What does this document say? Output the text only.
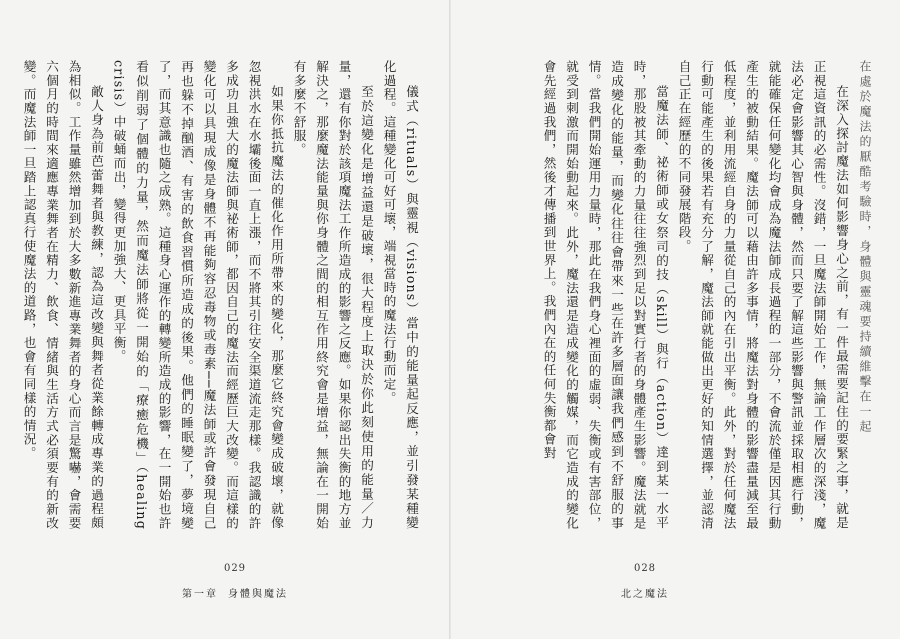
儀式（rituals）與靈視（visions）當中的能量起反應，並引發某種變化過程。這種變化可好可壞，端視當時的魔法行動而定。

至於這變化是增益還是破壞，很大程度上取決於你此刻使用的能量／力量，還有你對於該項魔法工作所造成的影響之反應。如果你認出失衡的地方並解決之，那麼魔法能量與你身體之間的相互作用終究會是增益，無論在一開始有多麼不舒服。

如果你抵抗魔法的催化作用所帶來的變化，那麼它終究會變成破壞，就像忽視洪水在水壩後面一直上漲，而不將其引往安全渠道流走那樣。我認識的許多成功且強大的魔法師與祕術師，都因自己的魔法而經歷巨大改變。而這樣的變化可以具現成像是身體不再能夠容忍毒物或毒素──魔法師或許會發現自己再也躲不掉酗酒、有害的飲食習慣所造成的後果。他們的睡眠變了，夢境變了，而其意識也隨之成熟。這種身心運作的轉變所造成的影響，在一開始也許看似削弱了個體的力量，然而魔法師將從一開始的「療癒危機」（healing crisis）中破蛹而出，變得更加強大、更具平衡。

敵人身為前芭蕾舞者與教練，認為這改變與舞者從業餘轉成專業的過程頗為相似。工作量雖然增加到於大多數新進專業舞者的身心而言是驚嚇，會需要六個月的時間來適應專業舞者在精力、飲食、情緒與生活方式必須要有的新改變。而魔法師一旦踏上認真行使魔法的道路，也會有同樣的情況。

029
第一章 身體與魔法
在處於魔法的厭酷考驗時，身體與靈魂要持續維擊在一起

在深入探討魔法如何影響身心之前，有一件最需要記住的要緊之事，就是正視這資訊的必需性。沒錯，一旦魔法師開始工作，無論工作層次的深淺，魔法必定會影響其心智與身體，然而只要了解這些影響與警訊並採取相應行動，就能確保任何變化均會成為魔法師成長過程的一部分，不會流於僅是因其行動產生的被動結果。魔法師可以藉由許多事情，將魔法對身體的影響盡量減至最低程度，並利用流經自身的力量從自己的內在引出平衡。此外，對於任何魔法行動可能產生的後果若有充分了解，魔法師就能做出更好的知情選擇，並認清自己正在經歷的不同發展階段。

當魔法師、祕術師或女祭司的技（skill）與行（action）達到某一水平時，那股被其牽動的力量往往強烈到足以對實行者的身體產生影響。魔法就是造成變化的能量，而變化往往會帶來一些在許多層面讓我們感到不舒服的事情。當我們開始運用力量時，那此在我們身心裡面的虛弱、失衡或有害部位，就受到刺激而開始動起來。此外，魔法還是造成變化的觸媒，而它造成的變化會先經過我們，然後才傳播到世界上。我們內在的任何失衡都會對

028
北之魔法
